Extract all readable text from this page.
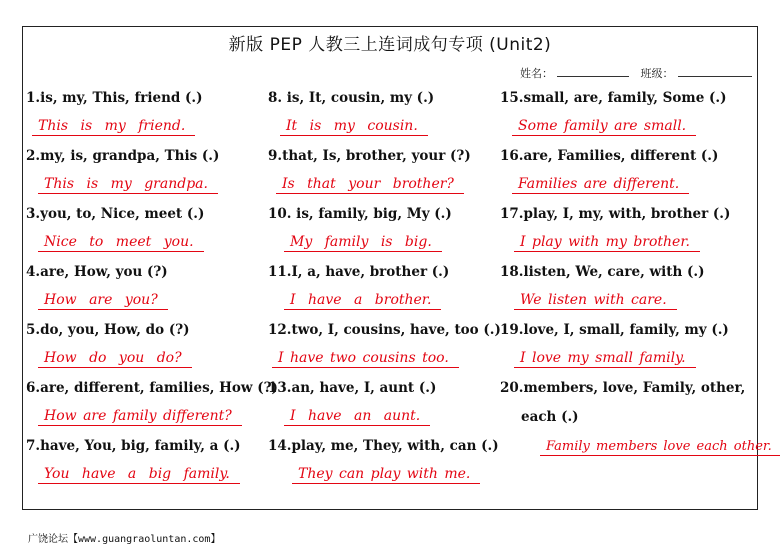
新版 PEP 人教三上连词成句专项 (Unit2)
姓名：	班级：
1.is, my, This, friend (.)
This is my friend.
2.my, is, grandpa, This (.)
This is my grandpa.
3.you, to, Nice, meet (.)
Nice to meet you.
4.are, How, you (?)
How are you?
5.do, you, How, do (?)
How do you do?
6.are, different, families, How (?)
How are family different?
7.have, You, big, family, a (.)
You have a big family.
8. is, It, cousin, my (.)
It is my cousin.
9.that, Is, brother, your (?)
Is that your brother?
10. is, family, big, My (.)
My family is big.
11.I, a, have, brother (.)
I have a brother.
12.two, I, cousins, have, too (.)
I have two cousins too.
13.an, have, I, aunt (.)
I have an aunt.
14.play, me, They, with, can (.)
They can play with me.
15.small, are, family, Some (.)
Some family are small.
16.are, Families, different (.)
Families are different.
17.play, I, my, with, brother (.)
I play with my brother.
18.listen, We, care, with (.)
We listen with care.
19.love, I, small, family, my (.)
I love my small family.
20.members, love, Family, other,
each (.)
Family members love each other.
广饶论坛【www.guangraoluntan.com】
